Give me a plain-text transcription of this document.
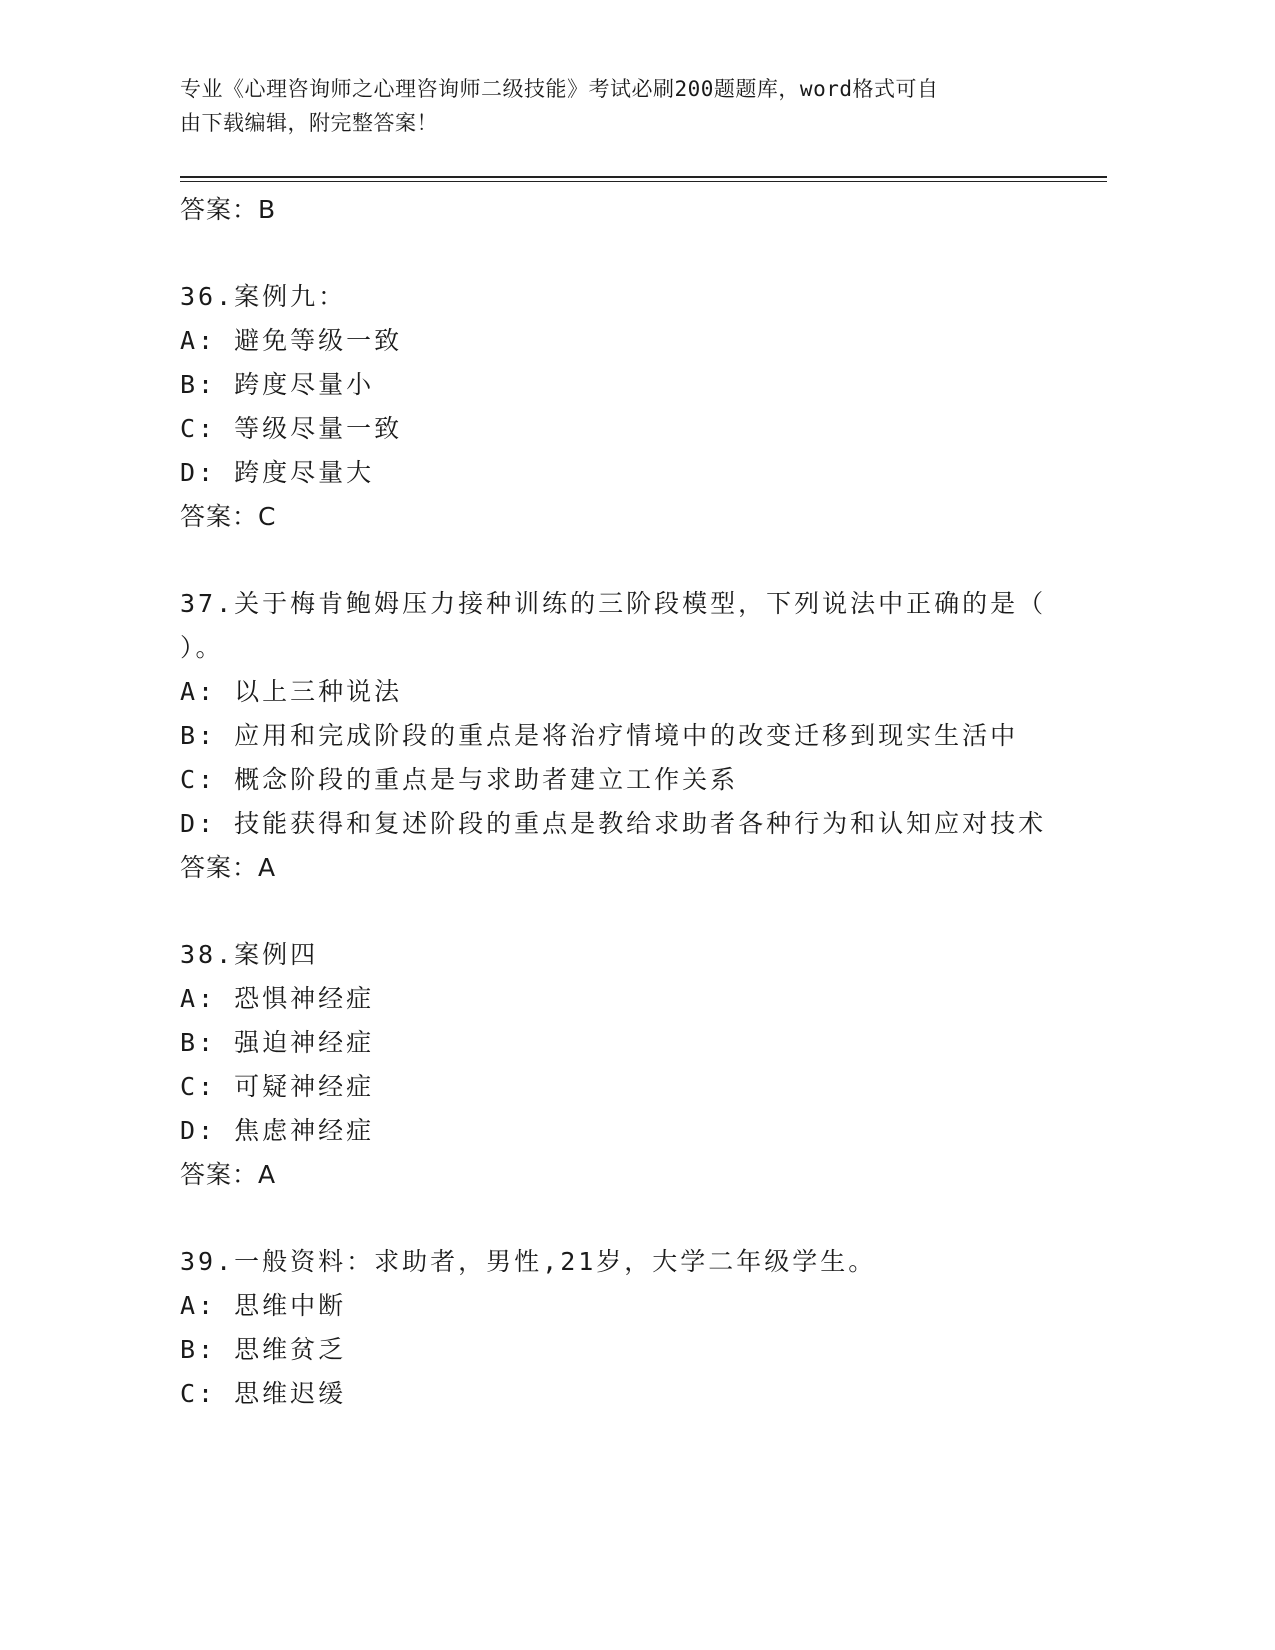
专业《心理咨询师之心理咨询师二级技能》考试必刷200题题库，word格式可自
由下载编辑，附完整答案！
答案：B
36.案例九：
A: 避免等级一致
B: 跨度尽量小
C: 等级尽量一致
D: 跨度尽量大
答案：C
37.关于梅肯鲍姆压力接种训练的三阶段模型，下列说法中正确的是（
）。
A: 以上三种说法
B: 应用和完成阶段的重点是将治疗情境中的改变迁移到现实生活中
C: 概念阶段的重点是与求助者建立工作关系
D: 技能获得和复述阶段的重点是教给求助者各种行为和认知应对技术
答案：A
38.案例四
A: 恐惧神经症
B: 强迫神经症
C: 可疑神经症
D: 焦虑神经症
答案：A
39.一般资料：求助者，男性,21岁，大学二年级学生。
A: 思维中断
B: 思维贫乏
C: 思维迟缓
